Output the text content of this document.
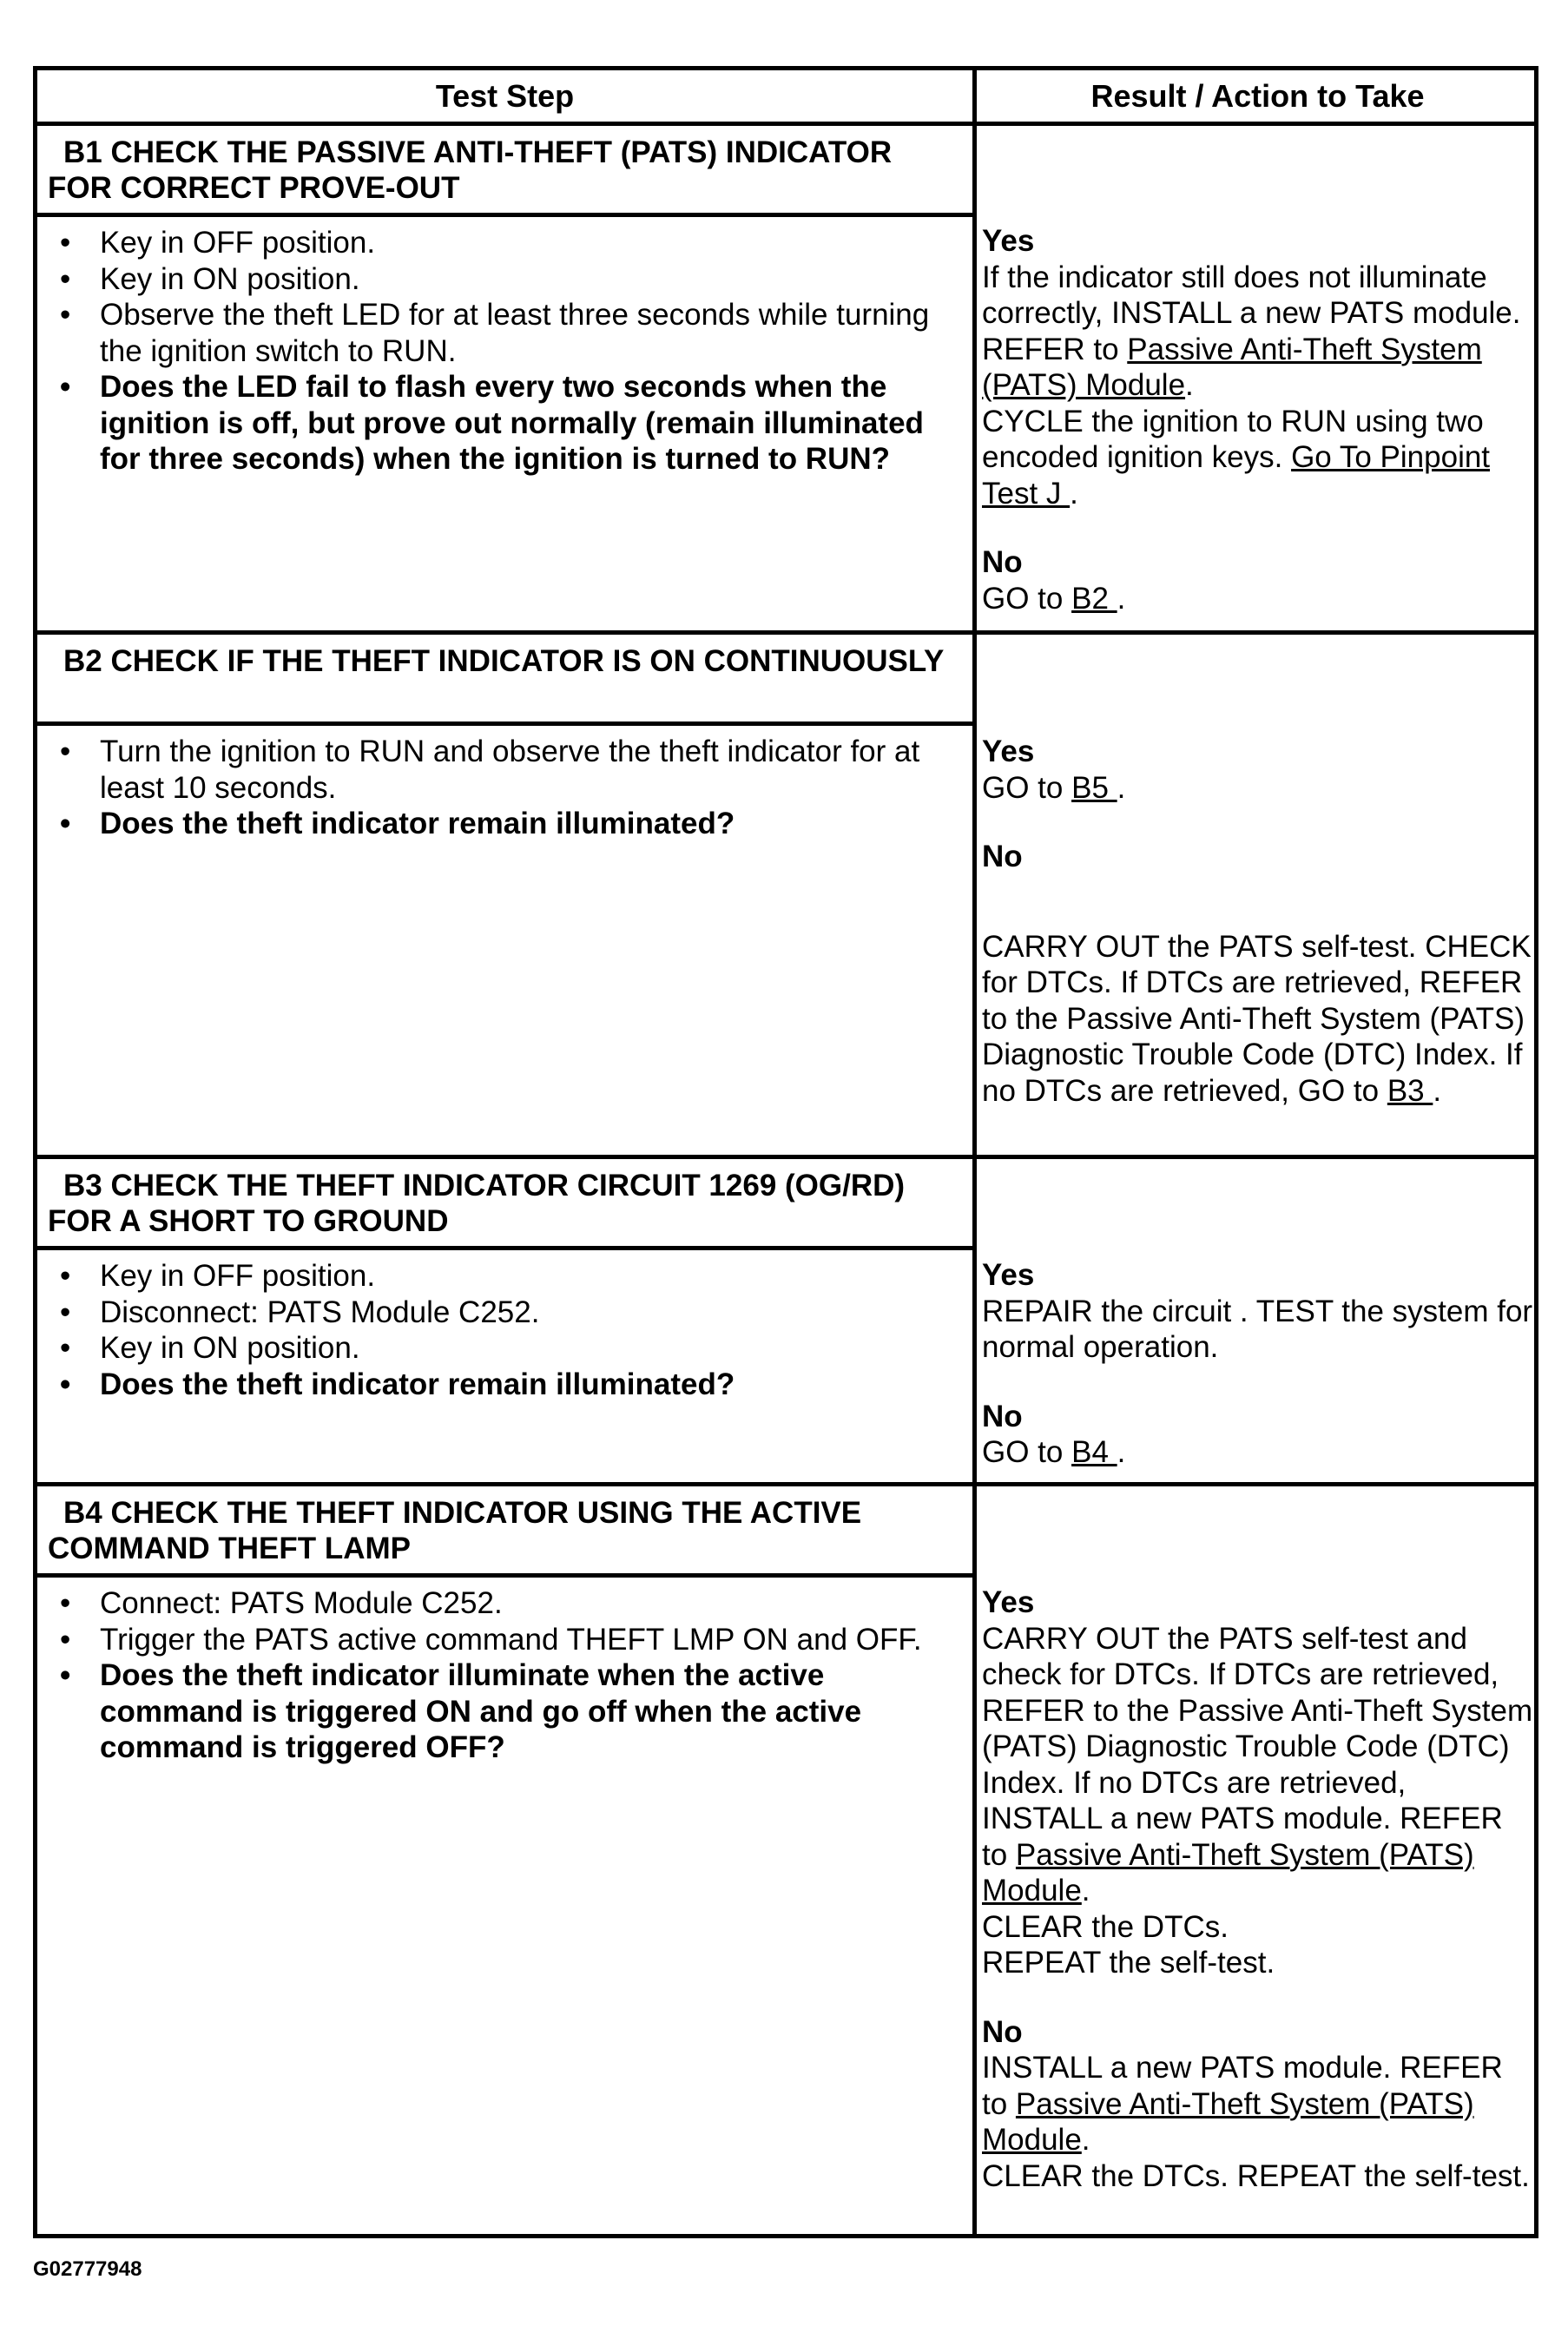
Test Step	Result / Action to Take
B1 CHECK THE PASSIVE ANTI-THEFT (PATS) INDICATOR FOR CORRECT PROVE-OUT
• Key in OFF position.
• Key in ON position.
• Observe the theft LED for at least three seconds while turning the ignition switch to RUN.
• Does the LED fail to flash every two seconds when the ignition is off, but prove out normally (remain illuminated for three seconds) when the ignition is turned to RUN?
Yes
If the indicator still does not illuminate correctly, INSTALL a new PATS module. REFER to Passive Anti-Theft System (PATS) Module.
CYCLE the ignition to RUN using two encoded ignition keys. Go To Pinpoint Test J .
No
GO to B2 .
B2 CHECK IF THE THEFT INDICATOR IS ON CONTINUOUSLY
• Turn the ignition to RUN and observe the theft indicator for at least 10 seconds.
• Does the theft indicator remain illuminated?
Yes
GO to B5 .
No
CARRY OUT the PATS self-test. CHECK for DTCs. If DTCs are retrieved, REFER to the Passive Anti-Theft System (PATS) Diagnostic Trouble Code (DTC) Index. If no DTCs are retrieved, GO to B3 .
B3 CHECK THE THEFT INDICATOR CIRCUIT 1269 (OG/RD) FOR A SHORT TO GROUND
• Key in OFF position.
• Disconnect: PATS Module C252.
• Key in ON position.
• Does the theft indicator remain illuminated?
Yes
REPAIR the circuit . TEST the system for normal operation.
No
GO to B4 .
B4 CHECK THE THEFT INDICATOR USING THE ACTIVE COMMAND THEFT LAMP
• Connect: PATS Module C252.
• Trigger the PATS active command THEFT LMP ON and OFF.
• Does the theft indicator illuminate when the active command is triggered ON and go off when the active command is triggered OFF?
Yes
CARRY OUT the PATS self-test and check for DTCs. If DTCs are retrieved, REFER to the Passive Anti-Theft System (PATS) Diagnostic Trouble Code (DTC) Index. If no DTCs are retrieved, INSTALL a new PATS module. REFER to Passive Anti-Theft System (PATS) Module.
CLEAR the DTCs.
REPEAT the self-test.
No
INSTALL a new PATS module. REFER to Passive Anti-Theft System (PATS) Module.
CLEAR the DTCs. REPEAT the self-test.
G02777948
